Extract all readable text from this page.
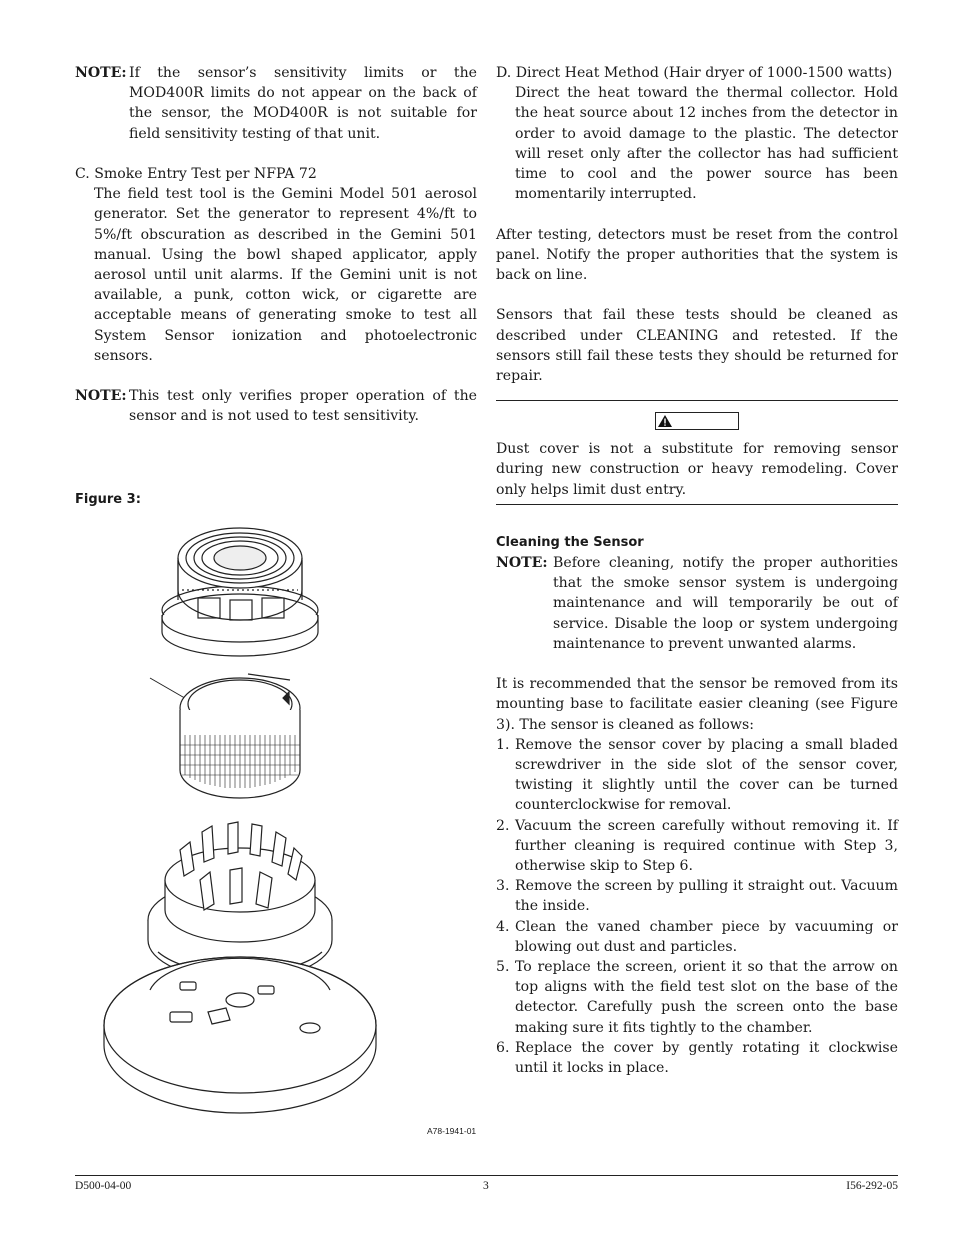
NOTE: If the sensor’s sensitivity limits or the MOD400R limits do not appear on the back of the sensor, the MOD400R is not suitable for field sensitivity testing of that unit.

C. Smoke Entry Test per NFPA 72

The field test tool is the Gemini Model 501 aerosol generator. Set the generator to represent 4%/ft to 5%/ft obscuration as described in the Gemini 501 manual. Using the bowl shaped applicator, apply aerosol until unit alarms. If the Gemini unit is not available, a punk, cotton wick, or cigarette are acceptable means of generating smoke to test all System Sensor ionization and photoelectronic sensors.

NOTE: This test only verifies proper operation of the sensor and is not used to test sensitivity.
Figure 3:
A78-1941-01

D. Direct Heat Method (Hair dryer of 1000-1500 watts)

Direct the heat toward the thermal collector. Hold the heat source about 12 inches from the detector in order to avoid damage to the plastic. The detector will reset only after the collector has had sufficient time to cool and the power source has been momentarily interrupted.

After testing, detectors must be reset from the control panel. Notify the proper authorities that the system is back on line.

Sensors that fail these tests should be cleaned as described under CLEANING and retested. If the sensors still fail these tests they should be returned for repair.

Dust cover is not a substitute for removing sensor during new construction or heavy remodeling. Cover only helps limit dust entry.

Cleaning the Sensor
NOTE: Before cleaning, notify the proper authorities that the smoke sensor system is undergoing maintenance and will temporarily be out of service. Disable the loop or system undergoing maintenance to prevent unwanted alarms.

It is recommended that the sensor be removed from its mounting base to facilitate easier cleaning (see Figure 3). The sensor is cleaned as follows:

1. Remove the sensor cover by placing a small bladed screwdriver in the side slot of the sensor cover, twisting it slightly until the cover can be turned counterclockwise for removal.
2. Vacuum the screen carefully without removing it. If further cleaning is required continue with Step 3, otherwise skip to Step 6.
3. Remove the screen by pulling it straight out. Vacuum the inside.
4. Clean the vaned chamber piece by vacuuming or blowing out dust and particles.
5. To replace the screen, orient it so that the arrow on top aligns with the field test slot on the base of the detector. Carefully push the screen onto the base making sure it fits tightly to the chamber.
6. Replace the cover by gently rotating it clockwise until it locks in place.
D500-04-00	3	I56-292-05
